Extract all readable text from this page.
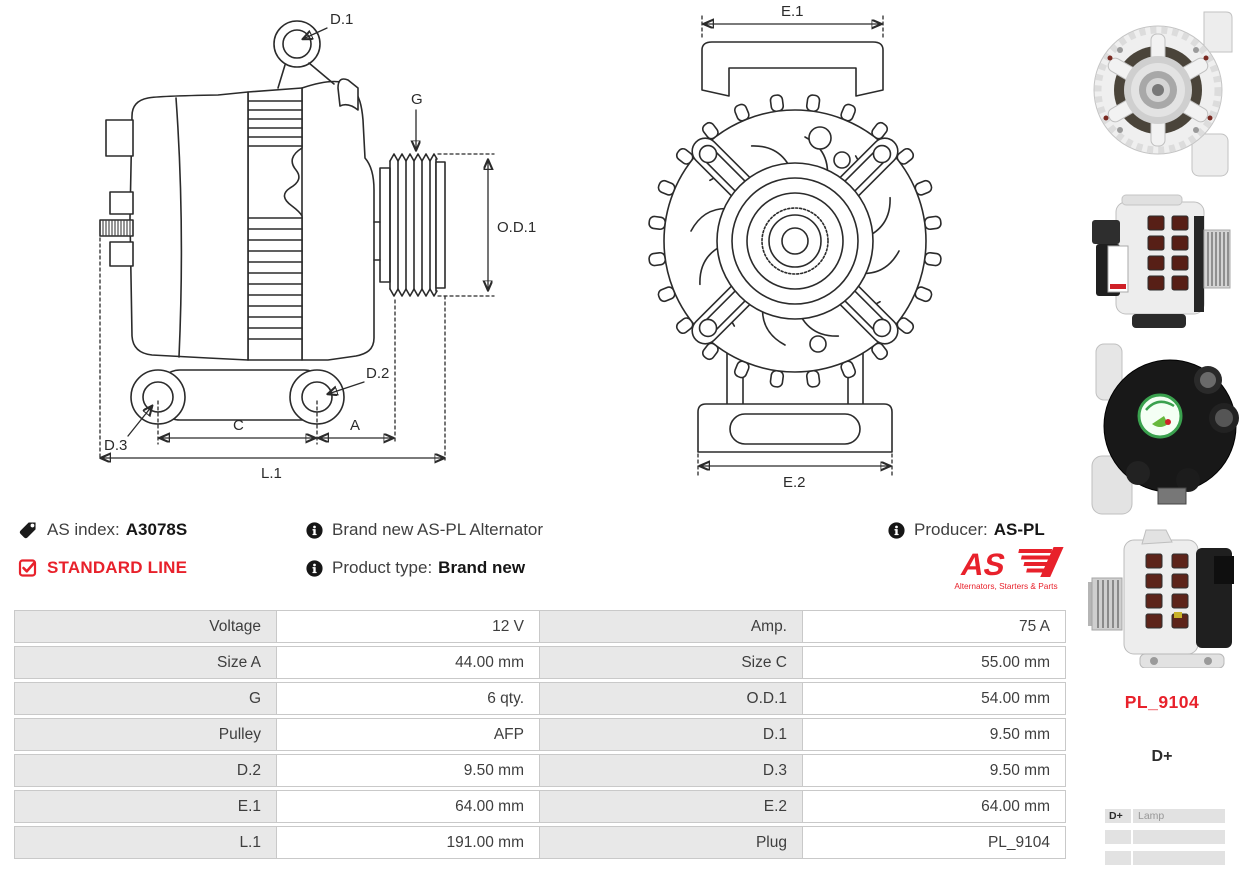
D.1
G
O.D.1
D.2
D.3
C	A
L.1
E.1
E.2
AS index: A3078S	Brand new AS-PL Alternator	Producer: AS-PL
STANDARD LINE	Product type: Brand new	AS
Alternators, Starters & Parts
Voltage	12 V	Amp.	75 A
Size A	44.00 mm	Size C	55.00 mm
G	6 qty.	O.D.1	54.00 mm
Pulley	AFP	D.1	9.50 mm
D.2	9.50 mm	D.3	9.50 mm
E.1	64.00 mm	E.2	64.00 mm
L.1	191.00 mm	Plug	PL_9104
PL_9104
D+
D+	Lamp
